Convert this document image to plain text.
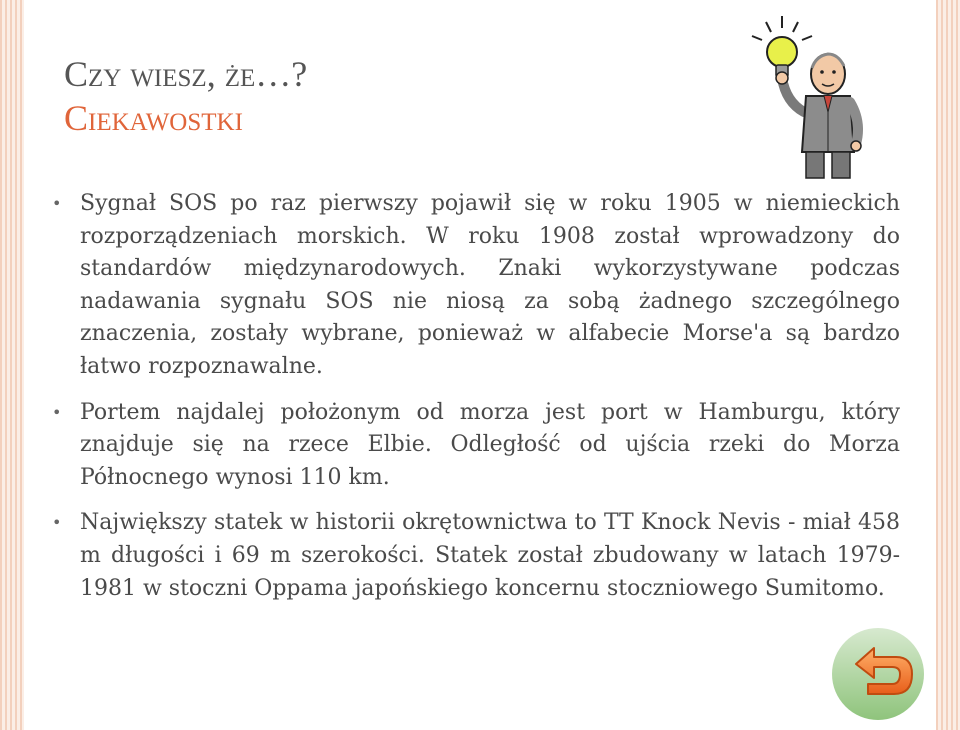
Czy wiesz, że…?
Ciekawostki
• Sygnał SOS po raz pierwszy pojawił się w roku 1905 w niemieckich rozporządzeniach morskich. W roku 1908 został wprowadzony do standardów międzynarodowych. Znaki wykorzystywane podczas nadawania sygnału SOS nie niosą za sobą żadnego szczególnego znaczenia, zostały wybrane, ponieważ w alfabecie Morse'a są bardzo łatwo rozpoznawalne.
• Portem najdalej położonym od morza jest port w Hamburgu, który znajduje się na rzece Elbie. Odległość od ujścia rzeki do Morza Północnego wynosi 110 km.
• Największy statek w historii okrętownictwa to TT Knock Nevis - miał 458 m długości i 69 m szerokości. Statek został zbudowany w latach 1979-1981 w stoczni Oppama japońskiego koncernu stoczniowego Sumitomo.
